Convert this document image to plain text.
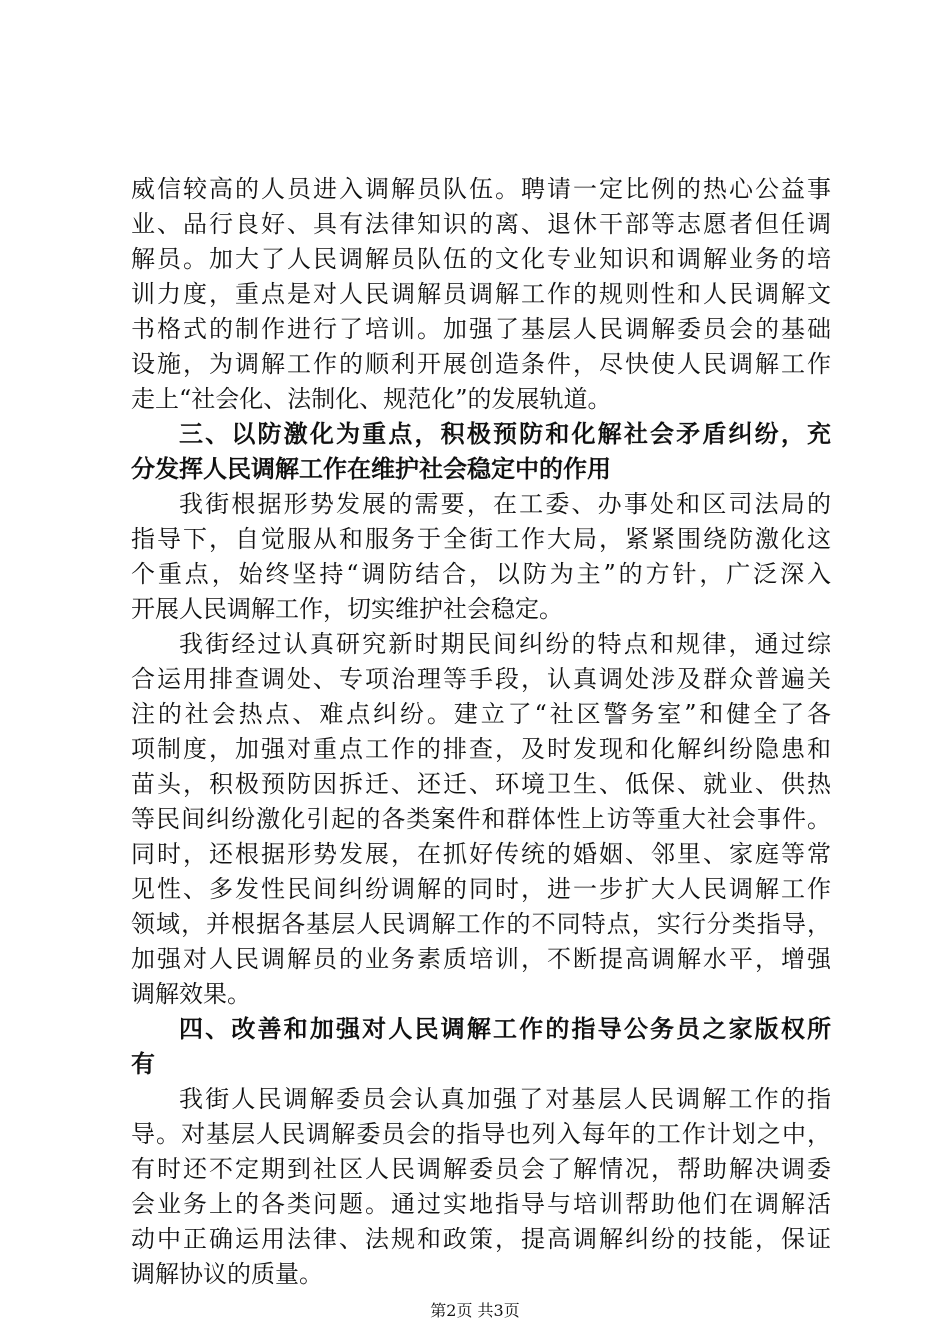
威信较高的人员进入调解员队伍。聘请一定比例的热心公益事
业、品行良好、具有法律知识的离、退休干部等志愿者但任调
解员。加大了人民调解员队伍的文化专业知识和调解业务的培
训力度，重点是对人民调解员调解工作的规则性和人民调解文
书格式的制作进行了培训。加强了基层人民调解委员会的基础
设施，为调解工作的顺利开展创造条件，尽快使人民调解工作
走上“社会化、法制化、规范化”的发展轨道。
三、以防激化为重点，积极预防和化解社会矛盾纠纷，充
分发挥人民调解工作在维护社会稳定中的作用
我街根据形势发展的需要，在工委、办事处和区司法局的
指导下，自觉服从和服务于全街工作大局，紧紧围绕防激化这
个重点，始终坚持“调防结合，以防为主”的方针，广泛深入
开展人民调解工作，切实维护社会稳定。
我街经过认真研究新时期民间纠纷的特点和规律，通过综
合运用排查调处、专项治理等手段，认真调处涉及群众普遍关
注的社会热点、难点纠纷。建立了“社区警务室”和健全了各
项制度，加强对重点工作的排查，及时发现和化解纠纷隐患和
苗头，积极预防因拆迁、还迁、环境卫生、低保、就业、供热
等民间纠纷激化引起的各类案件和群体性上访等重大社会事件。
同时，还根据形势发展，在抓好传统的婚姻、邻里、家庭等常
见性、多发性民间纠纷调解的同时，进一步扩大人民调解工作
领域，并根据各基层人民调解工作的不同特点，实行分类指导，
加强对人民调解员的业务素质培训，不断提高调解水平，增强
调解效果。
四、改善和加强对人民调解工作的指导公务员之家版权所
有
我街人民调解委员会认真加强了对基层人民调解工作的指
导。对基层人民调解委员会的指导也列入每年的工作计划之中，
有时还不定期到社区人民调解委员会了解情况，帮助解决调委
会业务上的各类问题。通过实地指导与培训帮助他们在调解活
动中正确运用法律、法规和政策，提高调解纠纷的技能，保证
调解协议的质量。
第2页 共3页
